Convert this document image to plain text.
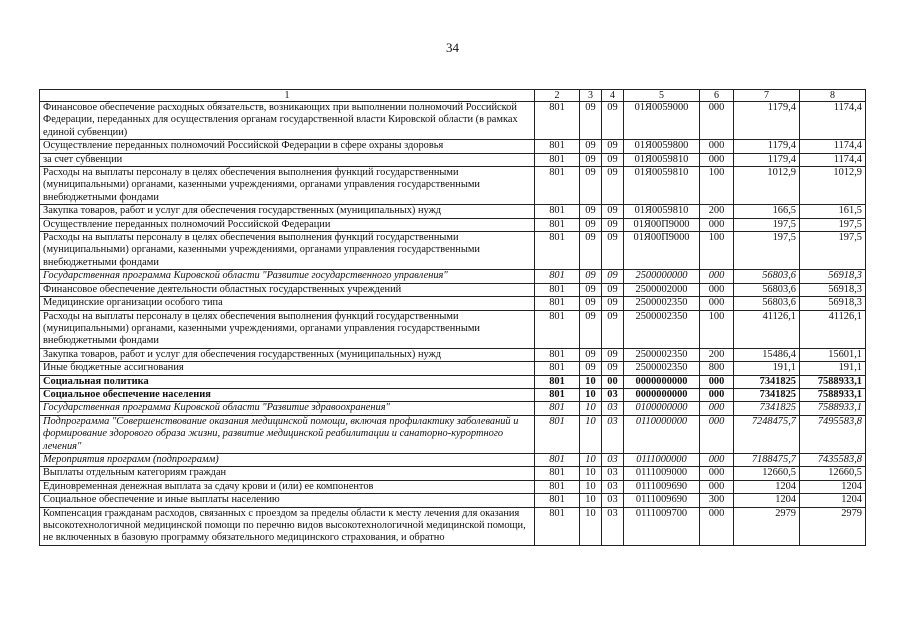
34
1	2	3	4	5	6	7	8
Финансовое обеспечение расходных обязательств, возникающих при выполнении полномочий Российской Федерации, переданных для осуществления органам государственной власти Кировской области (в рамках единой субвенции)	801	09	09	01Я0059000	000	1179,4	1174,4
Осуществление переданных полномочий Российской Федерации в сфере охраны здоровья	801	09	09	01Я0059800	000	1179,4	1174,4
за счет субвенции	801	09	09	01Я0059810	000	1179,4	1174,4
Расходы на выплаты персоналу в целях обеспечения выполнения функций государственными (муниципальными) органами, казенными учреждениями, органами управления государственными внебюджетными фондами	801	09	09	01Я0059810	100	1012,9	1012,9
Закупка товаров, работ и услуг для обеспечения государственных (муниципальных) нужд	801	09	09	01Я0059810	200	166,5	161,5
Осуществление переданных полномочий Российской Федерации	801	09	09	01Я00П9000	000	197,5	197,5
Расходы на выплаты персоналу в целях обеспечения выполнения функций государственными (муниципальными) органами, казенными учреждениями, органами управления государственными внебюджетными фондами	801	09	09	01Я00П9000	100	197,5	197,5
Государственная программа Кировской области "Развитие государственного управления"	801	09	09	2500000000	000	56803,6	56918,3
Финансовое обеспечение деятельности областных государственных учреждений	801	09	09	2500002000	000	56803,6	56918,3
Медицинские организации особого типа	801	09	09	2500002350	000	56803,6	56918,3
Расходы на выплаты персоналу в целях обеспечения выполнения функций государственными (муниципальными) органами, казенными учреждениями, органами управления государственными внебюджетными фондами	801	09	09	2500002350	100	41126,1	41126,1
Закупка товаров, работ и услуг для обеспечения государственных (муниципальных) нужд	801	09	09	2500002350	200	15486,4	15601,1
Иные бюджетные ассигнования	801	09	09	2500002350	800	191,1	191,1
Социальная политика	801	10	00	0000000000	000	7341825	7588933,1
Социальное обеспечение населения	801	10	03	0000000000	000	7341825	7588933,1
Государственная программа Кировской области "Развитие здравоохранения"	801	10	03	0100000000	000	7341825	7588933,1
Подпрограмма "Совершенствование оказания медицинской помощи, включая профилактику заболеваний и формирование здорового образа жизни, развитие медицинской реабилитации и санаторно-курортного лечения"	801	10	03	0110000000	000	7248475,7	7495583,8
Мероприятия программ (подпрограмм)	801	10	03	0111000000	000	7188475,7	7435583,8
Выплаты отдельным категориям граждан	801	10	03	0111009000	000	12660,5	12660,5
Единовременная денежная выплата за сдачу крови и (или) ее компонентов	801	10	03	0111009690	000	1204	1204
Социальное обеспечение и иные выплаты населению	801	10	03	0111009690	300	1204	1204
Компенсация гражданам расходов, связанных с проездом за пределы области к месту лечения для оказания высокотехнологичной медицинской помощи по перечню видов высокотехнологичной медицинской помощи, не включенных в базовую программу обязательного медицинского страхования, и обратно	801	10	03	0111009700	000	2979	2979
